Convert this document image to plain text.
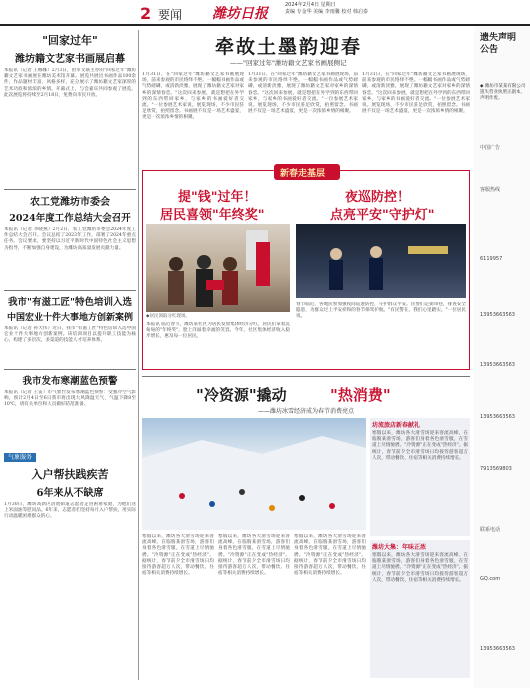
2 要闻 潍坊日报
2024年2月4日 星期日
责编 专金华 美编 李雨馨 校对 韩启泰
"回家过年"
潍坊籍文艺家书画展启幕
本报讯（记者 王娜娜）2月3日，由市文联主办的"回家过年"潍坊籍文艺家书画展在潍坊美术馆开幕。展览共展出书画作品100余件，作品题材丰富、风格多样，充分展示了潍坊籍文艺家深厚的艺术功底和浓浓的乡情。开幕式上，与会嘉宾共同参观了展览。此次展览将持续至2月18日，免费向市民开放。
农工党潍坊市委会
2024年度工作总结大会召开
本报讯（记者 李晓燕）2月2日，农工党潍坊市委会2024年度工作总结大会召开。会议总结了2023年工作，部署了2024年重点任务。会议要求，要坚持以习近平新时代中国特色社会主义思想为指导，不断加强自身建设，为潍坊高质量发展贡献力量。
我市"有滋工匠"特色培训入选
中国宏业十件大事地方创新案例
本报讯（记者 孙大伟）近日，我市"有滋工匠"特色培训入选中国宏业十件大事地方创新案例。该培训项目以提升职工技能为核心，构建了多层次、多渠道的技能人才培养体系。
我市发布寒潮蓝色预警
本报讯（记者 王雷）市气象台发布寒潮蓝色预警：受强冷空气影响，预计2月4日至6日我市将出现大风降温天气，气温下降8至10℃，请有关单位和人员做好防范准备。
气象服务
入户帮扶践疾苦
6年来从不缺席
1月30日，潍坊高新区清池街道志愿者走进困难家庭，为他们送上米面油等慰问品。6年来，志愿者们坚持每月入户帮扶，用实际行动温暖困难群众的心。
牵故土墨韵迎春
——"回家过年"潍坊籍文艺家书画展侧记
1月31日，在"回家过年"潍坊籍文艺家书画展现场，前来参观的市民络绎不绝。一幅幅书画作品或气势磅礴，或清新淡雅，展现了潍坊籍文艺家对家乡的深情眷恋。"这次回来参展，就是想把在外学到的东西带回家乡，与家乡的书画爱好者交流。"一位参展艺术家说。展览现场，不少市民驻足欣赏，拍照留念。书画展不仅是一场艺术盛宴，更是一次浓浓乡情的相聚。
1月31日，在"回家过年"潍坊籍文艺家书画展现场，前来参观的市民络绎不绝。一幅幅书画作品或气势磅礴，或清新淡雅，展现了潍坊籍文艺家对家乡的深情眷恋。"这次回来参展，就是想把在外学到的东西带回家乡，与家乡的书画爱好者交流。"一位参展艺术家说。展览现场，不少市民驻足欣赏，拍照留念。书画展不仅是一场艺术盛宴，更是一次浓浓乡情的相聚。
1月31日，在"回家过年"潍坊籍文艺家书画展现场，前来参观的市民络绎不绝。一幅幅书画作品或气势磅礴，或清新淡雅，展现了潍坊籍文艺家对家乡的深情眷恋。"这次回来参展，就是想把在外学到的东西带回家乡，与家乡的书画爱好者交流。"一位参展艺术家说。展览现场，不少市民驻足欣赏，拍照留念。书画展不仅是一场艺术盛宴，更是一次浓浓乡情的相聚。
新春走基层
提"钱"过年！
居民喜领"年终奖"
夜巡防控！
点亮平安"守护灯"
◆居民领取分红现场。
本报讯 临近春节，潍坊某社区为居民发放集体经济分红，居民们拿着沉甸甸的"年终奖"，脸上洋溢着幸福的笑容。今年，社区集体经济收入稳步增长，惠及每一位居民。
春节临近，各地民警加强夜间巡逻防控，守护群众平安。民警们走街串巷，排查安全隐患，为群众过上平安祥和的春节保驾护航。"有民警在，我们心里踏实。"一位居民说。
"冷资源"撬动	"热消费"
——潍坊冰雪经济成为春节消费亮点
坊流旅店新春献礼
寒假以来，潍坊各大滑雪场迎来客流高峰。在临朐某滑雪场，游客们身着各色滑雪服，在雪道上尽情驰骋。"冷资源"正在变成"热经济"。据统计，春节前夕全市滑雪场日均接待游客超万人次，带动餐饮、住宿等相关消费持续增长。
潍坊大集：年味正浓
寒假以来，潍坊各大滑雪场迎来客流高峰。在临朐某滑雪场，游客们身着各色滑雪服，在雪道上尽情驰骋。"冷资源"正在变成"热经济"。据统计，春节前夕全市滑雪场日均接待游客超万人次，带动餐饮、住宿等相关消费持续增长。
寒假以来，潍坊各大滑雪场迎来客流高峰。在临朐某滑雪场，游客们身着各色滑雪服，在雪道上尽情驰骋。"冷资源"正在变成"热经济"。据统计，春节前夕全市滑雪场日均接待游客超万人次，带动餐饮、住宿等相关消费持续增长。
寒假以来，潍坊各大滑雪场迎来客流高峰。在临朐某滑雪场，游客们身着各色滑雪服，在雪道上尽情驰骋。"冷资源"正在变成"热经济"。据统计，春节前夕全市滑雪场日均接待游客超万人次，带动餐饮、住宿等相关消费持续增长。
寒假以来，潍坊各大滑雪场迎来客流高峰。在临朐某滑雪场，游客们身着各色滑雪服，在雪道上尽情驰骋。"冷资源"正在变成"热经济"。据统计，春节前夕全市滑雪场日均接待游客超万人次，带动餐饮、住宿等相关消费持续增长。
遗失声明公告
◆ 潍坊市某某有限公司遗失营业执照正副本，声明作废。
中国广告
客服热线
6119957
13953663563
13953663563
13953663563
7913569803
联系电话
GQ.com
13953663563
